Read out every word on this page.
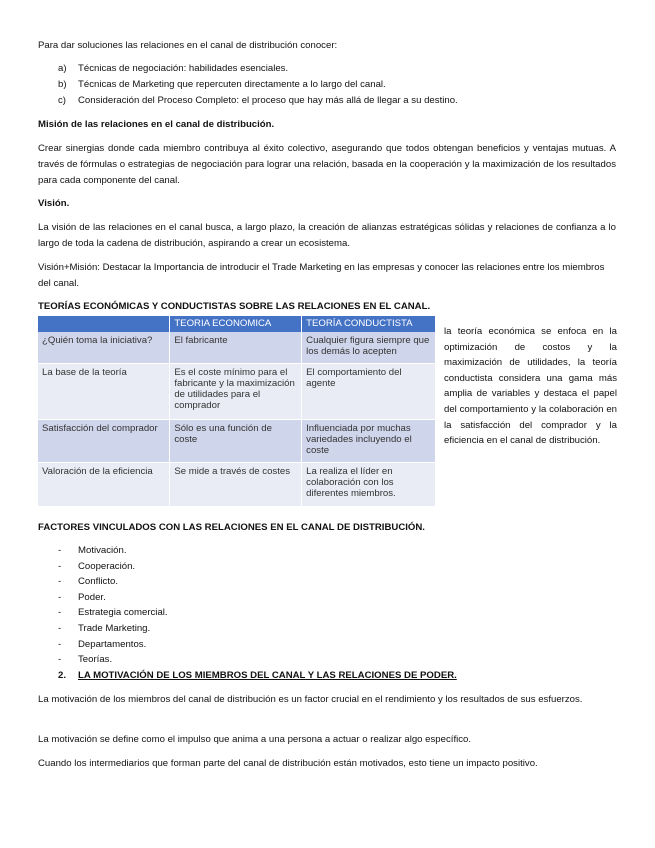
Para dar soluciones las relaciones en el canal de distribución conocer:

a) Técnicas de negociación: habilidades esenciales.
b) Técnicas de Marketing que repercuten directamente a lo largo del canal.
c) Consideración del Proceso Completo: el proceso que hay más allá de llegar a su destino.

Misión de las relaciones en el canal de distribución.

Crear sinergias donde cada miembro contribuya al éxito colectivo, asegurando que todos obtengan beneficios y ventajas mutuas. A través de fórmulas o estrategias de negociación para lograr una relación, basada en la cooperación y la maximización de los resultados para cada componente del canal.

Visión.

La visión de las relaciones en el canal busca, a largo plazo, la creación de alianzas estratégicas sólidas y relaciones de confianza a lo largo de toda la cadena de distribución, aspirando a crear un ecosistema.

Visión+Misión: Destacar la Importancia de introducir el Trade Marketing en las empresas y conocer las relaciones entre los miembros del canal.

TEORÍAS ECONÓMICAS Y CONDUCTISTAS SOBRE LAS RELACIONES EN EL CANAL.
	TEORIA ECONOMICA	TEORÍA CONDUCTISTA
¿Quién toma la iniciativa?	El fabricante	Cualquier figura siempre que los demás lo acepten
La base de la teoría	Es el coste mínimo para el fabricante y la maximización de utilidades para el comprador	El comportamiento del agente
Satisfacción del comprador	Sólo es una función de coste	Influenciada por muchas variedades incluyendo el coste
Valoración de la eficiencia	Se mide a través de costes	La realiza el líder en colaboración con los diferentes miembros.
la teoría económica se enfoca en la optimización de costos y la maximización de utilidades, la teoría conductista considera una gama más amplia de variables y destaca el papel del comportamiento y la colaboración en la satisfacción del comprador y la eficiencia en el canal de distribución.
FACTORES VINCULADOS CON LAS RELACIONES EN EL CANAL DE DISTRIBUCIÓN.
- Motivación.
- Cooperación.
- Conflicto.
- Poder.
- Estrategia comercial.
- Trade Marketing.
- Departamentos.
- Teorías.
2. LA MOTIVACIÓN DE LOS MIEMBROS DEL CANAL Y LAS RELACIONES DE PODER.

La motivación de los miembros del canal de distribución es un factor crucial en el rendimiento y los resultados de sus esfuerzos.

La motivación se define como el impulso que anima a una persona a actuar o realizar algo específico.

Cuando los intermediarios que forman parte del canal de distribución están motivados, esto tiene un impacto positivo.
